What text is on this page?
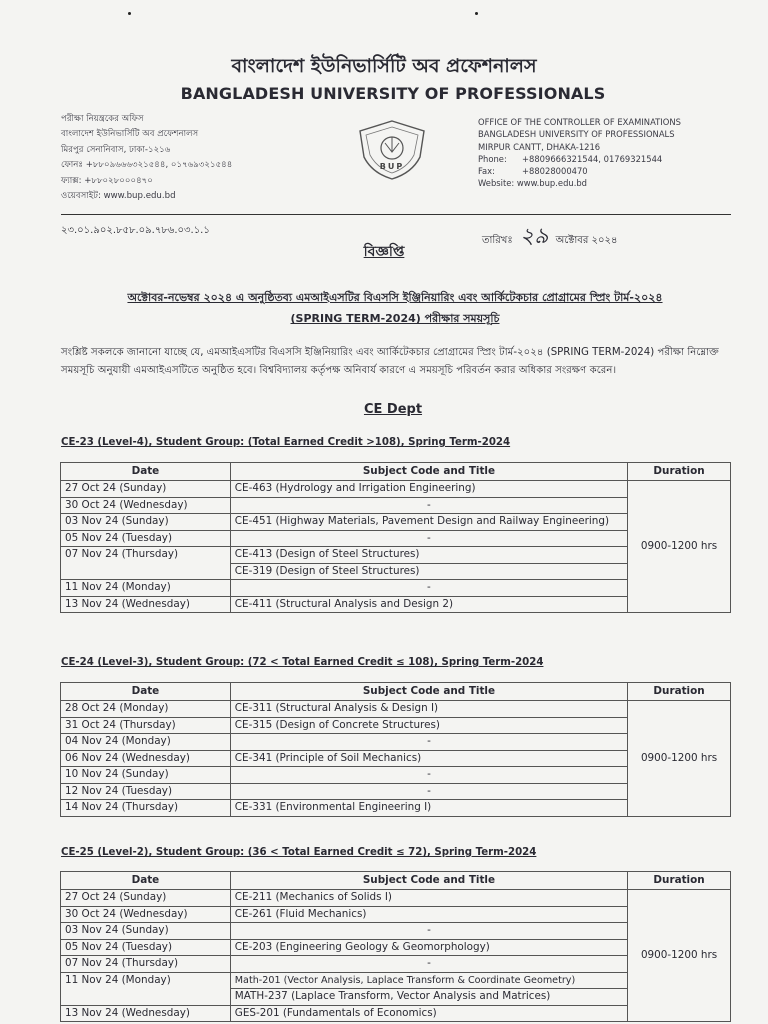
বাংলাদেশ ইউনিভার্সিটি অব প্রফেশনালস
BANGLADESH UNIVERSITY OF PROFESSIONALS
পরীক্ষা নিয়ন্ত্রকের অফিস
বাংলাদেশ ইউনিভার্সিটি অব প্রফেশনালস
মিরপুর সেনানিবাস, ঢাকা-১২১৬
ফোনঃ +৮৮০৯৬৬৬৩২১৫৪৪, ০১৭৬৯৩২১৫৪৪
ফ্যাক্স: +৮৮০২৮০০০৪৭০
ওয়েবসাইট: www.bup.edu.bd
BUP
OFFICE OF THE CONTROLLER OF EXAMINATIONS
BANGLADESH UNIVERSITY OF PROFESSIONALS
MIRPUR CANTT, DHAKA-1216
Phone:	+8809666321544, 01769321544
Fax:	+88028000470
Website: www.bup.edu.bd
২৩.০১.৯০২.৮৫৮.০৯.৭৮৬.০৩.১.১
তারিখঃ ২৯ অক্টোবর ২০২৪
বিজ্ঞপ্তি
অক্টোবর-নভেম্বর ২০২৪ এ অনুষ্ঠিতব্য এমআইএসটির বিএসসি ইঞ্জিনিয়ারিং এবং আর্কিটেকচার প্রোগ্রামের স্প্রিং টার্ম-২০২৪
(SPRING TERM-2024) পরীক্ষার সময়সূচি
সংশ্লিষ্ট সকলকে জানানো যাচ্ছে যে, এমআইএসটির বিএসসি ইঞ্জিনিয়ারিং এবং আর্কিটেকচার প্রোগ্রামের স্প্রিং টার্ম-২০২৪ (SPRING TERM-2024) পরীক্ষা নিম্নোক্ত সময়সূচি অনুযায়ী এমআইএসটিতে অনুষ্ঠিত হবে। বিশ্ববিদ্যালয় কর্তৃপক্ষ অনিবার্য কারণে এ সময়সূচি পরিবর্তন করার অধিকার সংরক্ষণ করেন।
CE Dept
CE-23 (Level-4), Student Group: (Total Earned Credit >108), Spring Term-2024
Date	Subject Code and Title	Duration
27 Oct 24 (Sunday)	CE-463 (Hydrology and Irrigation Engineering)	0900-1200 hrs
30 Oct 24 (Wednesday)	-	
03 Nov 24 (Sunday)	CE-451 (Highway Materials, Pavement Design and Railway Engineering)	
05 Nov 24 (Tuesday)	-	
07 Nov 24 (Thursday)	CE-413 (Design of Steel Structures)	
	CE-319 (Design of Steel Structures)	
11 Nov 24 (Monday)	-	
13 Nov 24 (Wednesday)	CE-411 (Structural Analysis and Design 2)	
CE-24 (Level-3), Student Group: (72 < Total Earned Credit ≤ 108), Spring Term-2024
Date	Subject Code and Title	Duration
28 Oct 24 (Monday)	CE-311 (Structural Analysis & Design I)	0900-1200 hrs
31 Oct 24 (Thursday)	CE-315 (Design of Concrete Structures)	
04 Nov 24 (Monday)	-	
06 Nov 24 (Wednesday)	CE-341 (Principle of Soil Mechanics)	
10 Nov 24 (Sunday)	-	
12 Nov 24 (Tuesday)	-	
14 Nov 24 (Thursday)	CE-331 (Environmental Engineering I)	
CE-25 (Level-2), Student Group: (36 < Total Earned Credit ≤ 72), Spring Term-2024
Date	Subject Code and Title	Duration
27 Oct 24 (Sunday)	CE-211 (Mechanics of Solids I)	0900-1200 hrs
30 Oct 24 (Wednesday)	CE-261 (Fluid Mechanics)	
03 Nov 24 (Sunday)	-	
05 Nov 24 (Tuesday)	CE-203 (Engineering Geology & Geomorphology)	
07 Nov 24 (Thursday)	-	
11 Nov 24 (Monday)	Math-201 (Vector Analysis, Laplace Transform & Coordinate Geometry)	
	MATH-237 (Laplace Transform, Vector Analysis and Matrices)	
13 Nov 24 (Wednesday)	GES-201 (Fundamentals of Economics)	
